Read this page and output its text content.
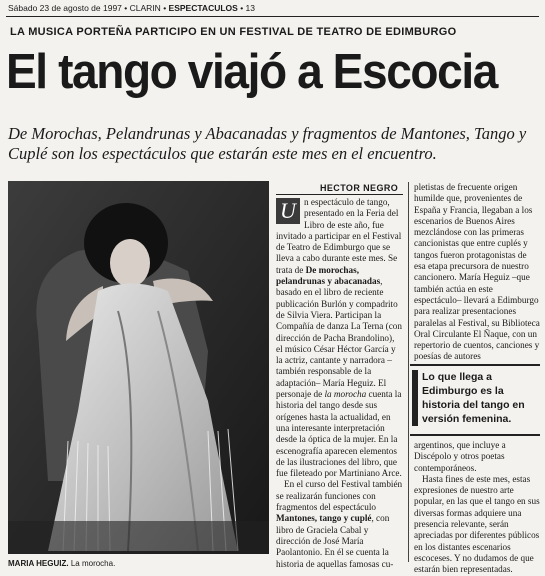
Sábado 23 de agosto de 1997 • CLARIN • ESPECTACULOS • 13
LA MUSICA PORTEÑA PARTICIPO EN UN FESTIVAL DE TEATRO DE EDIMBURGO
El tango viajó a Escocia
De Morochas, Pelandrunas y Abacanadas y fragmentos de Mantones, Tango y Cuplé son los espectáculos que estarán este mes en el encuentro.
MARIA HEGUIZ. La morocha.
HECTOR NEGRO
U n espectáculo de tango, presentado en la Feria del Libro de este año, fue invitado a participar en el Festival de Teatro de Edimburgo que se lleva a cabo durante este mes. Se trata de De morochas, pelandrunas y abacanadas, basado en el libro de reciente publicación Burlón y compadrito de Silvia Viera. Participan la Compañía de danza La Terna (con dirección de Pacha Brandolino), el músico César Héctor García y la actriz, cantante y narradora –también responsable de la adaptación– María Heguiz. El personaje de la morocha cuenta la historia del tango desde sus orígenes hasta la actualidad, en una interesante interpretación desde la óptica de la mujer. En la escenografía aparecen elementos de las ilustraciones del libro, que fue fileteado por Martiniano Arce.
En el curso del Festival también se realizarán funciones con fragmentos del espectáculo Mantones, tango y cuplé, con libro de Graciela Cabal y dirección de José María Paolantonio. En él se cuenta la historia de aquellas famosas cu-
pletistas de frecuente origen humilde que, provenientes de España y Francia, llegaban a los escenarios de Buenos Aires mezclándose con las primeras cancionistas que entre cuplés y tangos fueron protagonistas de esa etapa precursora de nuestro cancionero. María Heguiz –que también actúa en este espectáculo– llevará a Edimburgo para realizar presentaciones paralelas al Festival, su Biblioteca Oral Circulante El Ñaque, con un repertorio de cuentos, canciones y poesías de autores
Lo que llega a Edimburgo es la historia del tango en versión femenina.
argentinos, que incluye a Discépolo y otros poetas contemporáneos.
Hasta fines de este mes, estas expresiones de nuestro arte popular, en las que el tango en sus diversas formas adquiere una presencia relevante, serán apreciadas por diferentes públicos en los distantes escenarios escoceses. Y no dudamos de que estarán bien representadas.
